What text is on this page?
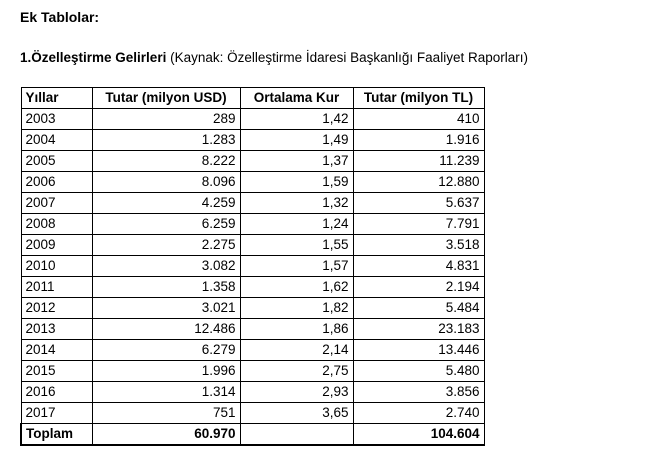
Ek Tablolar:
1.Özelleştirme Gelirleri (Kaynak: Özelleştirme İdaresi Başkanlığı Faaliyet Raporları)
Yıllar	Tutar (milyon USD)	Ortalama Kur	Tutar (milyon TL)
2003	289	1,42	410
2004	1.283	1,49	1.916
2005	8.222	1,37	11.239
2006	8.096	1,59	12.880
2007	4.259	1,32	5.637
2008	6.259	1,24	7.791
2009	2.275	1,55	3.518
2010	3.082	1,57	4.831
2011	1.358	1,62	2.194
2012	3.021	1,82	5.484
2013	12.486	1,86	23.183
2014	6.279	2,14	13.446
2015	1.996	2,75	5.480
2016	1.314	2,93	3.856
2017	751	3,65	2.740
Toplam	60.970		104.604
